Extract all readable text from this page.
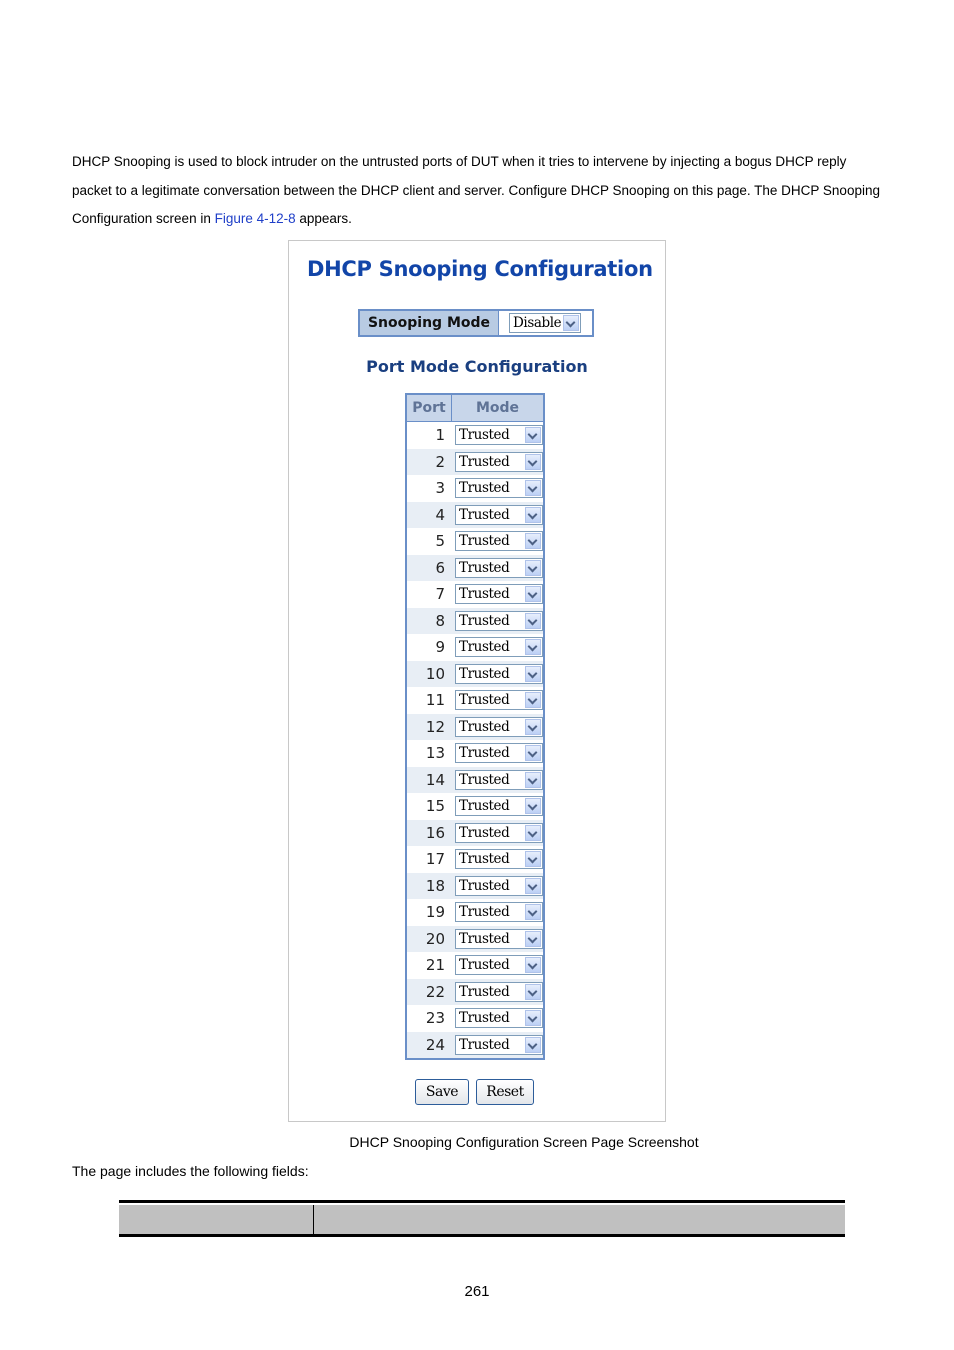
DHCP Snooping is used to block intruder on the untrusted ports of DUT when it tries to intervene by injecting a bogus DHCP reply packet to a legitimate conversation between the DHCP client and server. Configure DHCP Snooping on this page. The DHCP Snooping Configuration screen in Figure 4-12-8 appears.
DHCP Snooping Configuration
Snooping Mode	Disable
Port Mode Configuration
Port	Mode
1	Trusted
2	Trusted
3	Trusted
4	Trusted
5	Trusted
6	Trusted
7	Trusted
8	Trusted
9	Trusted
10	Trusted
11	Trusted
12	Trusted
13	Trusted
14	Trusted
15	Trusted
16	Trusted
17	Trusted
18	Trusted
19	Trusted
20	Trusted
21	Trusted
22	Trusted
23	Trusted
24	Trusted
Save	Reset
DHCP Snooping Configuration Screen Page Screenshot
The page includes the following fields:
261
